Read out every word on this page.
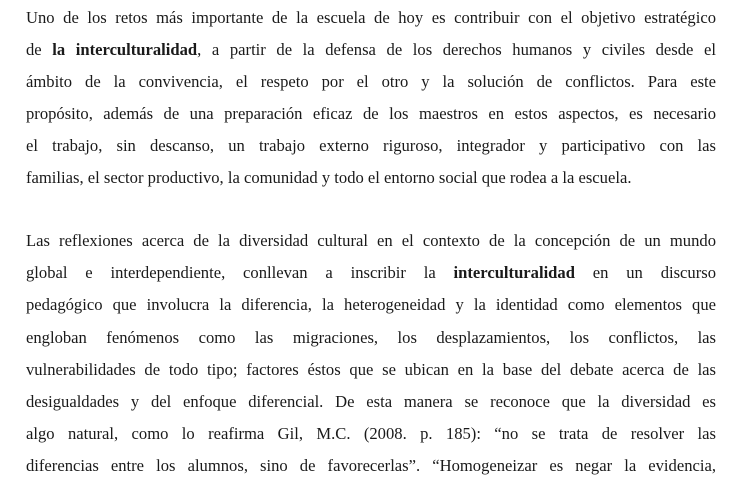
Uno de los retos más importante de la escuela de hoy es contribuir con el objetivo estratégico
de la interculturalidad, a partir de la defensa de los derechos humanos y civiles desde el
ámbito de la convivencia, el respeto por el otro y la solución de conflictos. Para este
propósito, además de una preparación eficaz de los maestros en estos aspectos, es necesario
el trabajo, sin descanso, un trabajo externo riguroso, integrador y participativo con las
familias, el sector productivo, la comunidad y todo el entorno social que rodea a la escuela.
Las reflexiones acerca de la diversidad cultural en el contexto de la concepción de un mundo
global e interdependiente, conllevan a inscribir la interculturalidad en un discurso
pedagógico que involucra la diferencia, la heterogeneidad y la identidad como elementos que
engloban fenómenos como las migraciones, los desplazamientos, los conflictos, las
vulnerabilidades de todo tipo; factores éstos que se ubican en la base del debate acerca de las
desigualdades y del enfoque diferencial. De esta manera se reconoce que la diversidad es
algo natural, como lo reafirma Gil, M.C. (2008. p. 185): “no se trata de resolver las
diferencias entre los alumnos, sino de favorecerlas”. “Homogeneizar es negar la evidencia,
